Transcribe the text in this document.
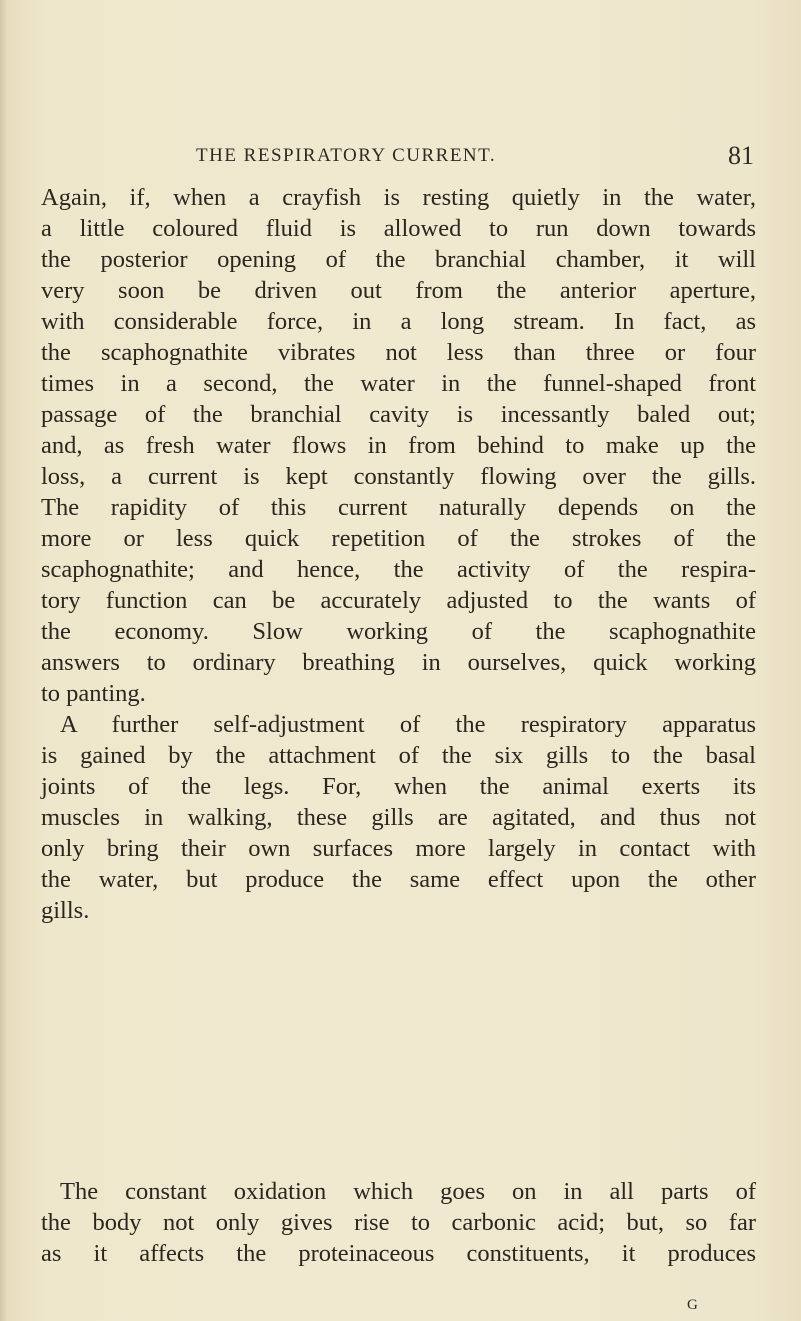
THE RESPIRATORY CURRENT.	81
Again, if, when a crayfish is resting quietly in the water,
a little coloured fluid is allowed to run down towards
the posterior opening of the branchial chamber, it will
very soon be driven out from the anterior aperture,
with considerable force, in a long stream. In fact, as
the scaphognathite vibrates not less than three or four
times in a second, the water in the funnel-shaped front
passage of the branchial cavity is incessantly baled out;
and, as fresh water flows in from behind to make up the
loss, a current is kept constantly flowing over the gills.
The rapidity of this current naturally depends on the
more or less quick repetition of the strokes of the
scaphognathite; and hence, the activity of the respira-
tory function can be accurately adjusted to the wants of
the economy. Slow working of the scaphognathite
answers to ordinary breathing in ourselves, quick working
to panting.
A further self-adjustment of the respiratory apparatus
is gained by the attachment of the six gills to the basal
joints of the legs. For, when the animal exerts its
muscles in walking, these gills are agitated, and thus not
only bring their own surfaces more largely in contact with
the water, but produce the same effect upon the other
gills.
The constant oxidation which goes on in all parts of
the body not only gives rise to carbonic acid; but, so far
as it affects the proteinaceous constituents, it produces
G
